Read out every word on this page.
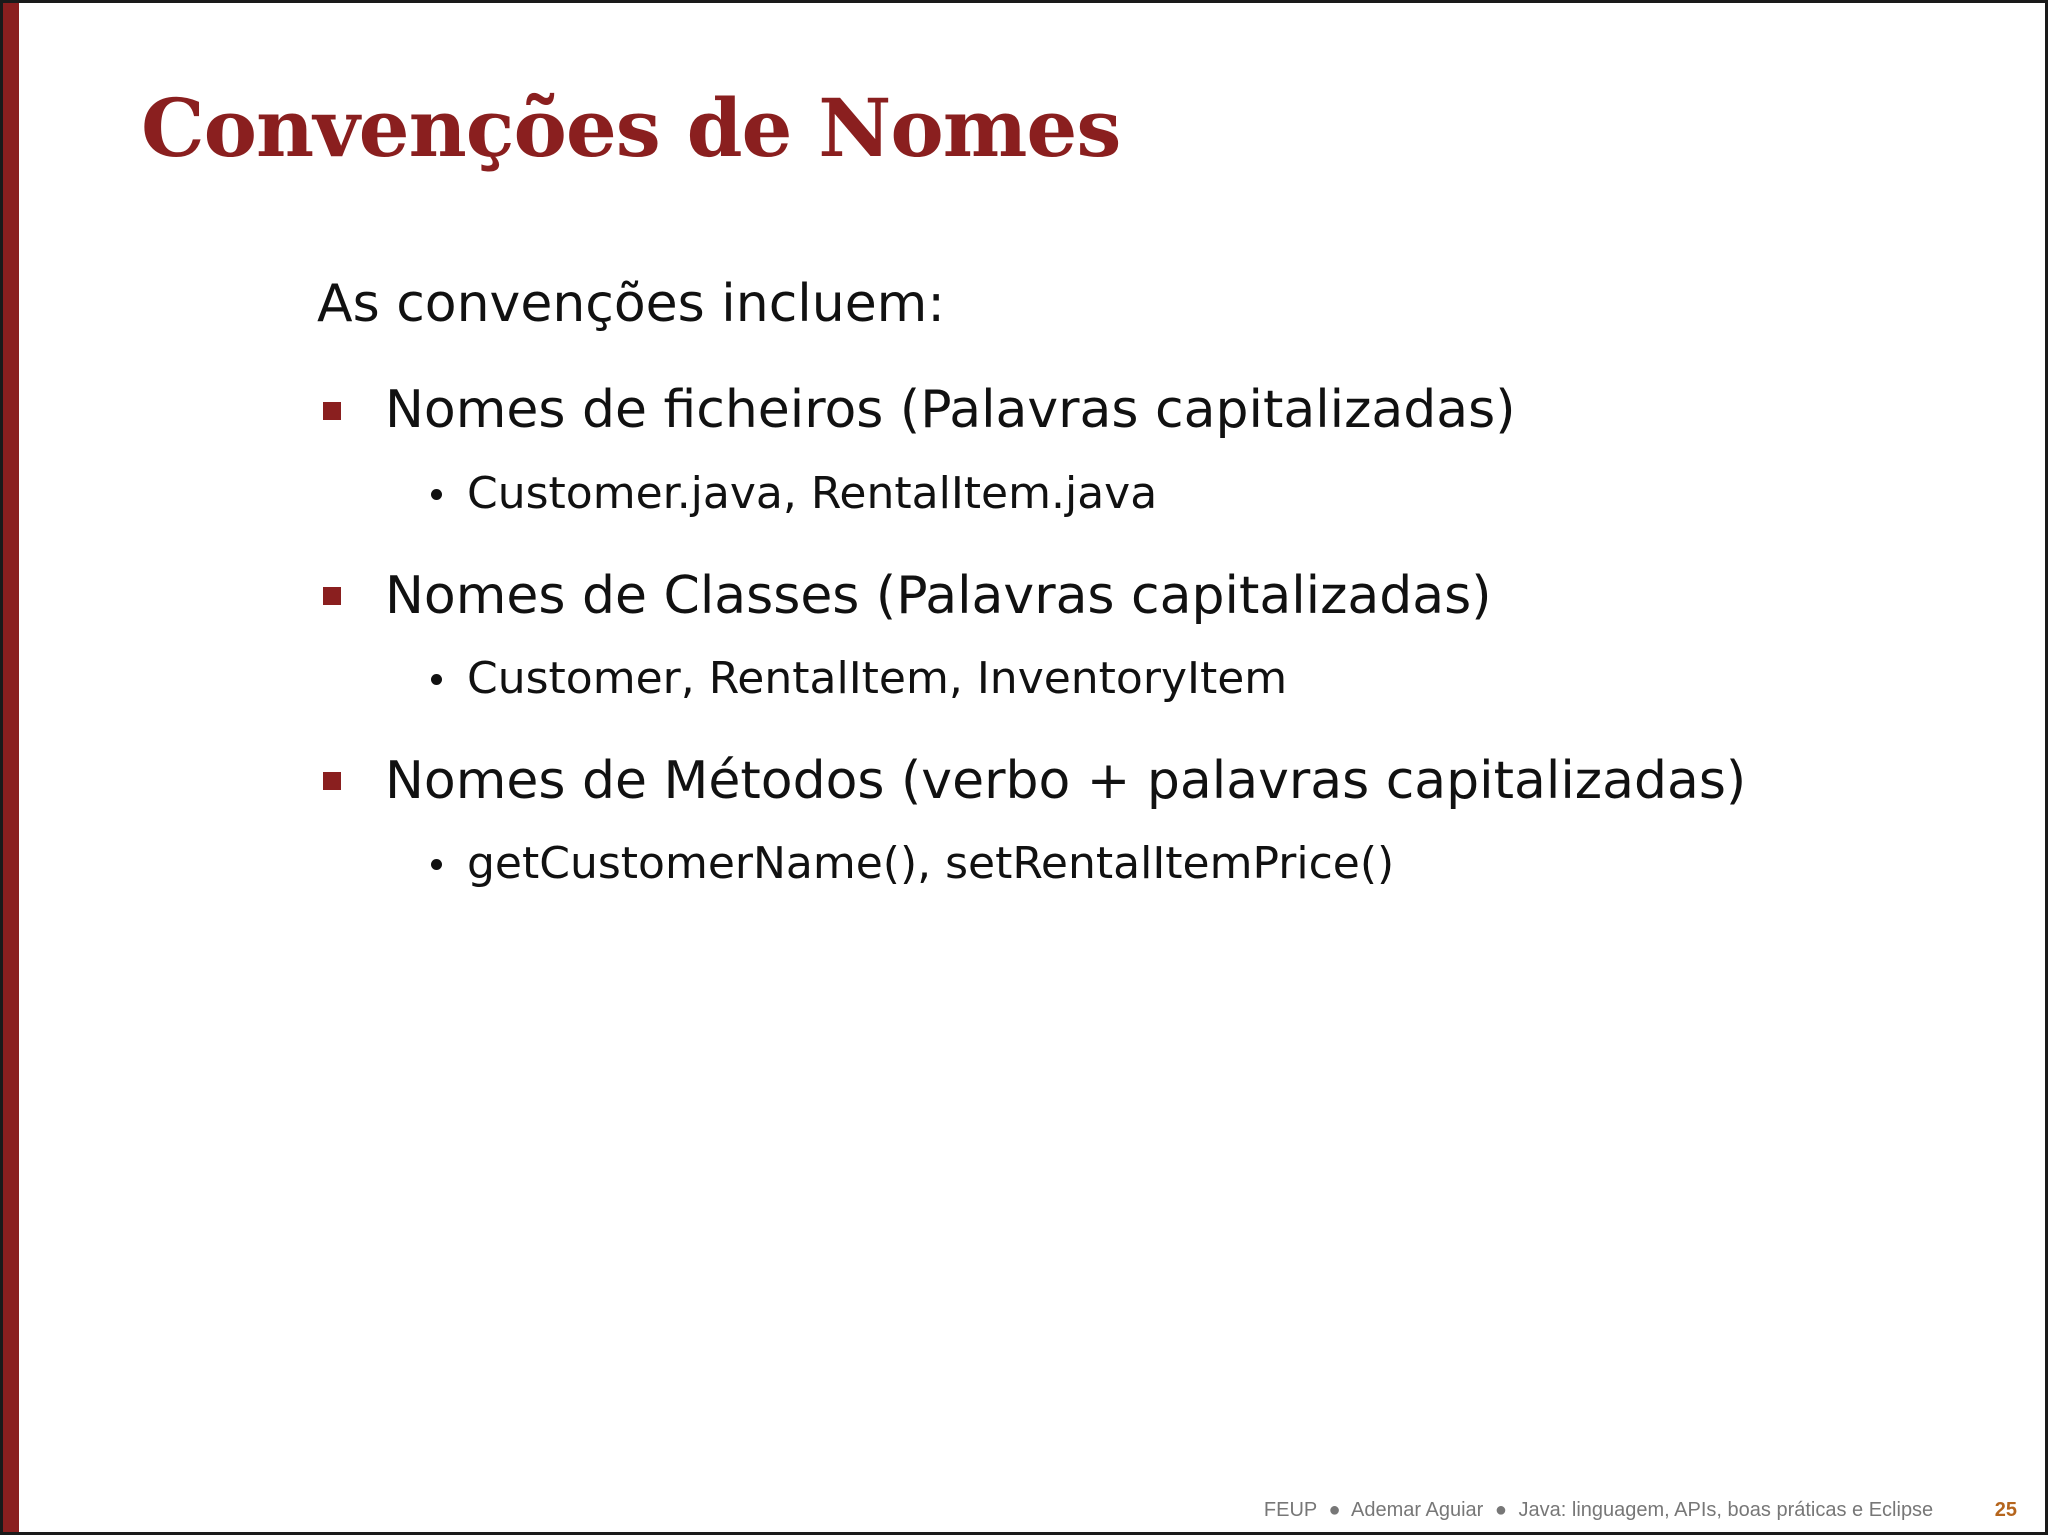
Convenções de Nomes
As convenções incluem:
Nomes de ficheiros (Palavras capitalizadas)
Customer.java, RentalItem.java
Nomes de Classes (Palavras capitalizadas)
Customer, RentalItem, InventoryItem
Nomes de Métodos (verbo + palavras capitalizadas)
getCustomerName(), setRentalItemPrice()
FEUP ● Ademar Aguiar ● Java: linguagem, APIs, boas práticas e Eclipse	25
